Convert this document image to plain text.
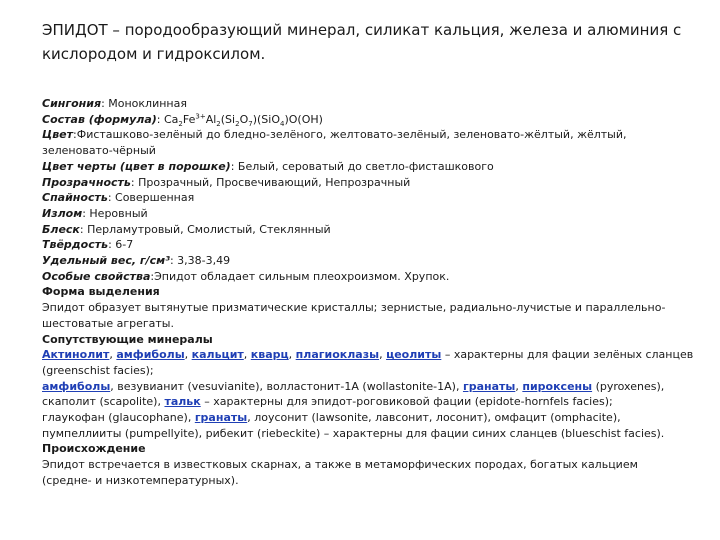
ЭПИДОТ – породообразующий минерал, силикат кальция, железа и алюминия с
кислородом и гидроксилом.
Сингония: Моноклинная
Состав (формула): $Ca_2Fe^{3+}Al_2(Si_2O_7)(SiO_4)O(OH)$
Цвет:Фисташково-зелёный до бледно-зелёного, желтовато-зелёный, зеленовато-жёлтый, жёлтый,
зеленовато-чёрный
Цвет черты (цвет в порошке): Белый, сероватый до светло-фисташкового
Прозрачность: Прозрачный, Просвечивающий, Непрозрачный
Спайность: Совершенная
Излом: Неровный
Блеск: Перламутровый, Смолистый, Стеклянный
Твёрдость: 6-7
Удельный вес, г/см³: 3,38-3,49
Особые свойства:Эпидот обладает сильным плеохроизмом. Хрупок.
Форма выделения
Эпидот образует вытянутые призматические кристаллы; зернистые, радиально-лучистые и параллельно-
шестоватые агрегаты.
Сопутствующие минералы
Актинолит, амфиболы, кальцит, кварц, плагиоклазы, цеолиты – характерны для фации зелёных сланцев
(greenschist facies);
амфиболы, везувианит (vesuvianite), волластонит-1A (wollastonite-1A), гранаты, пироксены (pyroxenes),
скаполит (scapolite), тальк – характерны для эпидот-роговиковой фации (epidote-hornfels facies);
глаукофан (glaucophane), гранаты, лоусонит (lawsonite, лавсонит, лосонит), омфацит (omphacite),
пумпеллииты (pumpellyite), рибекит (riebeckite) – характерны для фации синих сланцев (blueschist facies).
Происхождение
Эпидот встречается в известковых скарнах, а также в метаморфических породах, богатых кальцием
(средне- и низкотемпературных).
